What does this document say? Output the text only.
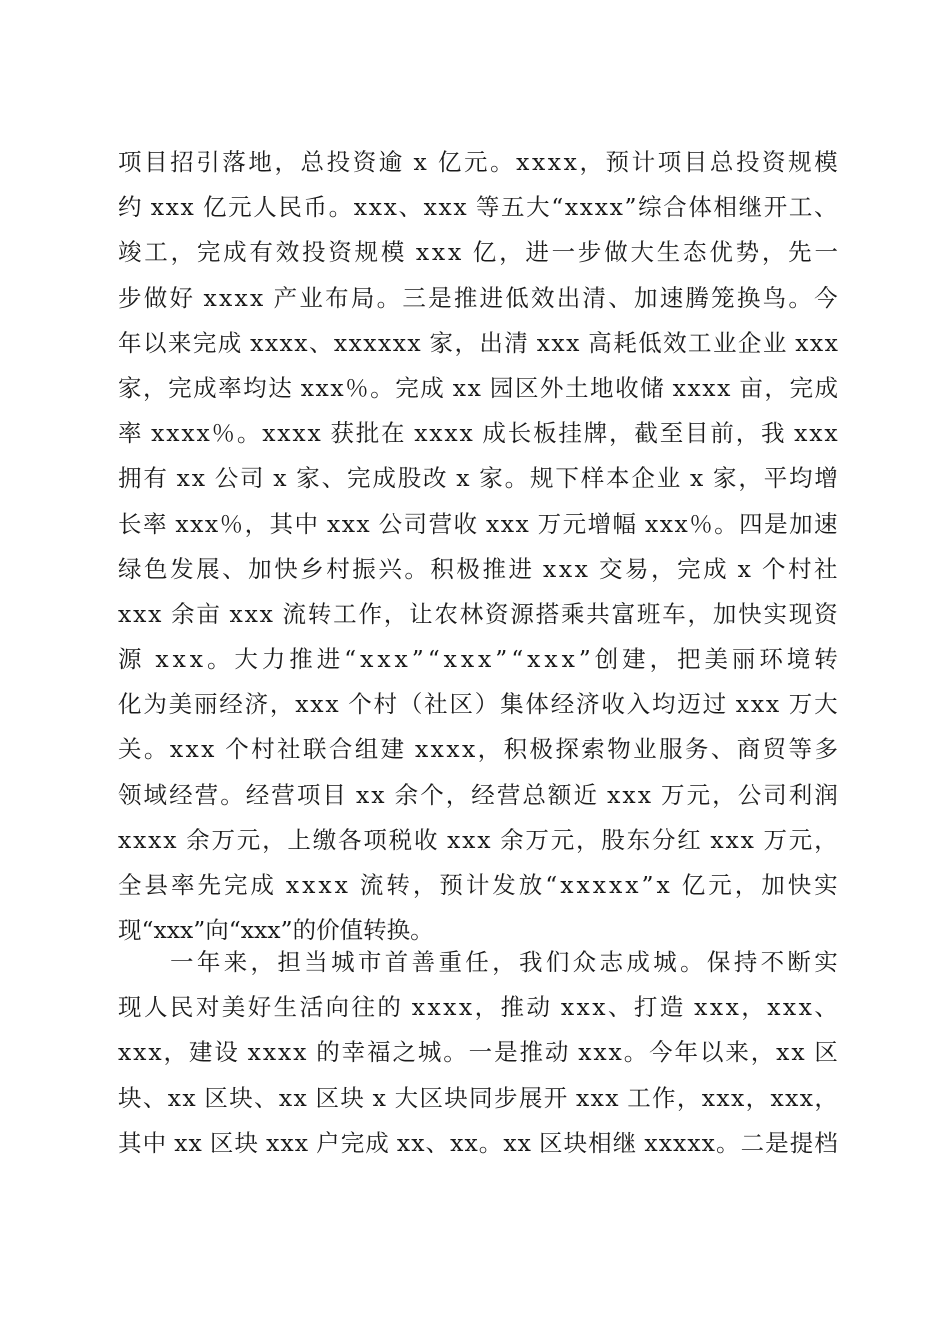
项 目 招 引 落 地 ， 总 投 资 逾
x
亿 元 。 x x x x ， 预 计 项 目 总 投 资 规 模
约
x x x
亿 元 人 民 币 。 x x x 、 x x x
等 五 大 “ x x x x ” 综 合 体 相 继 开 工 、
竣 工 ， 完 成 有 效 投 资 规 模
x x x
亿 ， 进 一 步 做 大 生 态 优 势 ， 先 一
步 做 好
x x x x
产 业 布 局 。 三 是 推 进 低 效 出 清 、 加 速 腾 笼 换 鸟 。 今
年 以 来 完 成
x x x x 、 x x x x x x
家 ， 出 清
x x x
高 耗 低 效 工 业 企 业
x x x
家 ， 完 成 率 均 达
x x x ％ 。 完 成
x x
园 区 外 土 地 收 储
x x x x
亩 ， 完 成
率
x x x x ％ 。 x x x x
获 批 在
x x x x
成 长 板 挂 牌 ， 截 至 目 前 ， 我
x x x
拥 有
x x
公 司
x
家 、 完 成 股 改
x
家 。 规 下 样 本 企 业
x
家 ， 平 均 增
长 率
x x x ％ ， 其 中
x x x
公 司 营 收
x x x
万 元 增 幅
x x x ％ 。 四 是 加 速
绿 色 发 展 、 加 快 乡 村 振 兴 。 积 极 推 进
x x x
交 易 ， 完 成
x
个 村 社
x x x
余 亩
x x x
流 转 工 作 ， 让 农 林 资 源 搭 乘 共 富 班 车 ， 加 快 实 现 资
源
x x x 。 大 力 推 进 “ x x x ” “ x x x ” “ x x x ” 创 建 ， 把 美 丽 环 境 转
化 为 美 丽 经 济 ， x x x
个 村 （ 社 区 ） 集 体 经 济 收 入 均 迈 过
x x x
万 大
关 。 x x x
个 村 社 联 合 组 建
x x x x ， 积 极 探 索 物 业 服 务 、 商 贸 等 多
领 域 经 营 。 经 营 项 目
x x
余 个 ， 经 营 总 额 近
x x x
万 元 ， 公 司 利 润
x x x x
余 万 元 ， 上 缴 各 项 税 收
x x x
余 万 元 ， 股 东 分 红
x x x
万 元 ，
全 县 率 先 完 成
x x x x
流 转 ， 预 计 发 放 “ x x x x x ” x
亿 元 ， 加 快 实
现“xxx”向“xxx”的价值转换。
一 年 来 ， 担 当 城 市 首 善 重 任 ， 我 们 众 志 成 城 。 保 持 不 断 实
现 人 民 对 美 好 生 活 向 往 的
x x x x ， 推 动
x x x 、 打 造
x x x ， x x x 、
x x x ， 建 设
x x x x
的 幸 福 之 城 。 一 是 推 动
x x x 。 今 年 以 来 ， x x
区
块 、 x x
区 块 、 x x
区 块
x
大 区 块 同 步 展 开
x x x
工 作 ， x x x ， x x x ，
其 中
x x
区 块
x x x
户 完 成
x x 、 x x 。 x x
区 块 相 继
x x x x x 。 二 是 提 档
